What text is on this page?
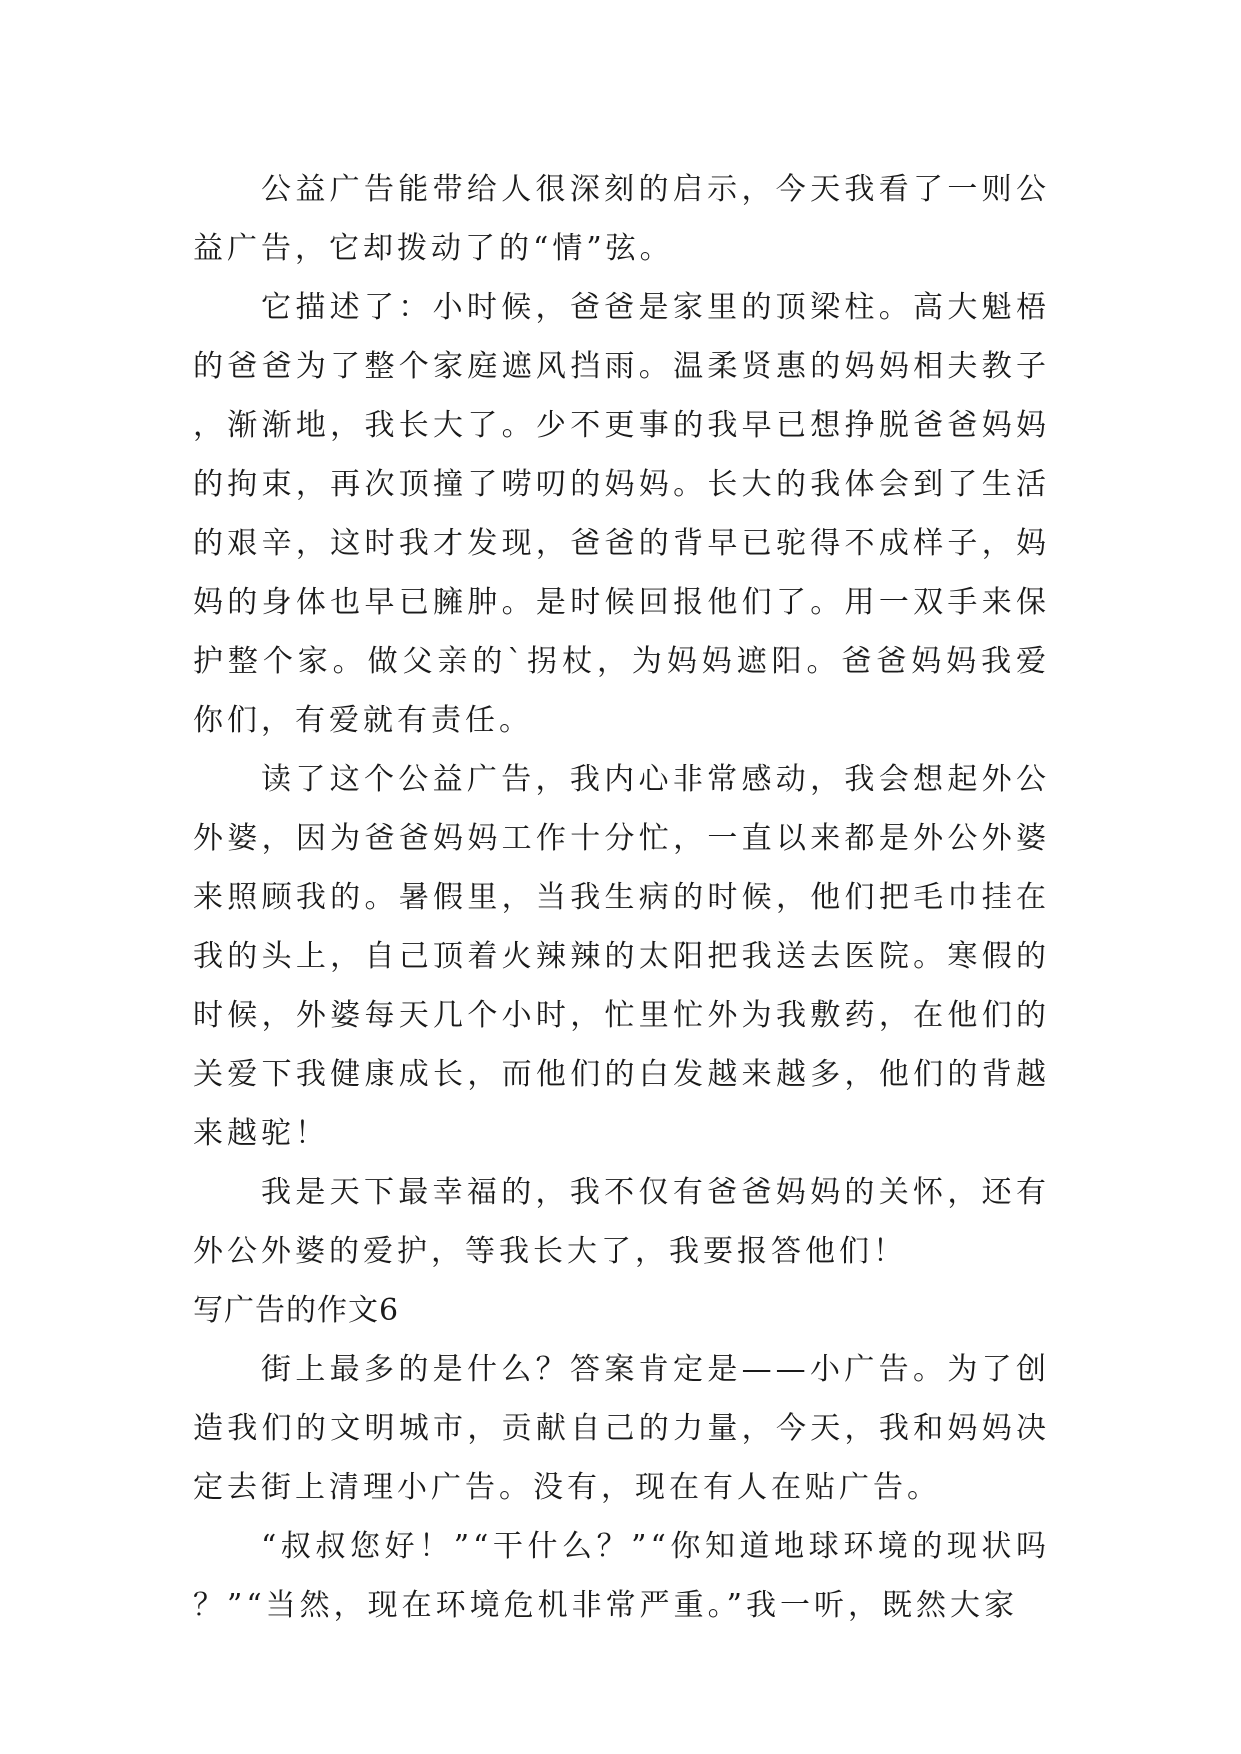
公益广告能带给人很深刻的启示，今天我看了一则公益广告，它却拨动了的“情”弦。

它描述了：小时候，爸爸是家里的顶梁柱。高大魁梧的爸爸为了整个家庭遮风挡雨。温柔贤惠的妈妈相夫教子，渐渐地，我长大了。少不更事的我早已想挣脱爸爸妈妈的拘束，再次顶撞了唠叨的妈妈。长大的我体会到了生活的艰辛，这时我才发现，爸爸的背早已驼得不成样子，妈妈的身体也早已臃肿。是时候回报他们了。用一双手来保护整个家。做父亲的`拐杖，为妈妈遮阳。爸爸妈妈我爱你们，有爱就有责任。

读了这个公益广告，我内心非常感动，我会想起外公外婆，因为爸爸妈妈工作十分忙，一直以来都是外公外婆来照顾我的。暑假里，当我生病的时候，他们把毛巾挂在我的头上，自己顶着火辣辣的太阳把我送去医院。寒假的时候，外婆每天几个小时，忙里忙外为我敷药，在他们的关爱下我健康成长，而他们的白发越来越多，他们的背越来越驼！

我是天下最幸福的，我不仅有爸爸妈妈的关怀，还有外公外婆的爱护，等我长大了，我要报答他们！

写广告的作文6

街上最多的是什么？答案肯定是——小广告。为了创造我们的文明城市，贡献自己的力量，今天，我和妈妈决定去街上清理小广告。没有，现在有人在贴广告。

“叔叔您好！”“干什么？”“你知道地球环境的现状吗？”“当然，现在环境危机非常严重。”我一听，既然大家
